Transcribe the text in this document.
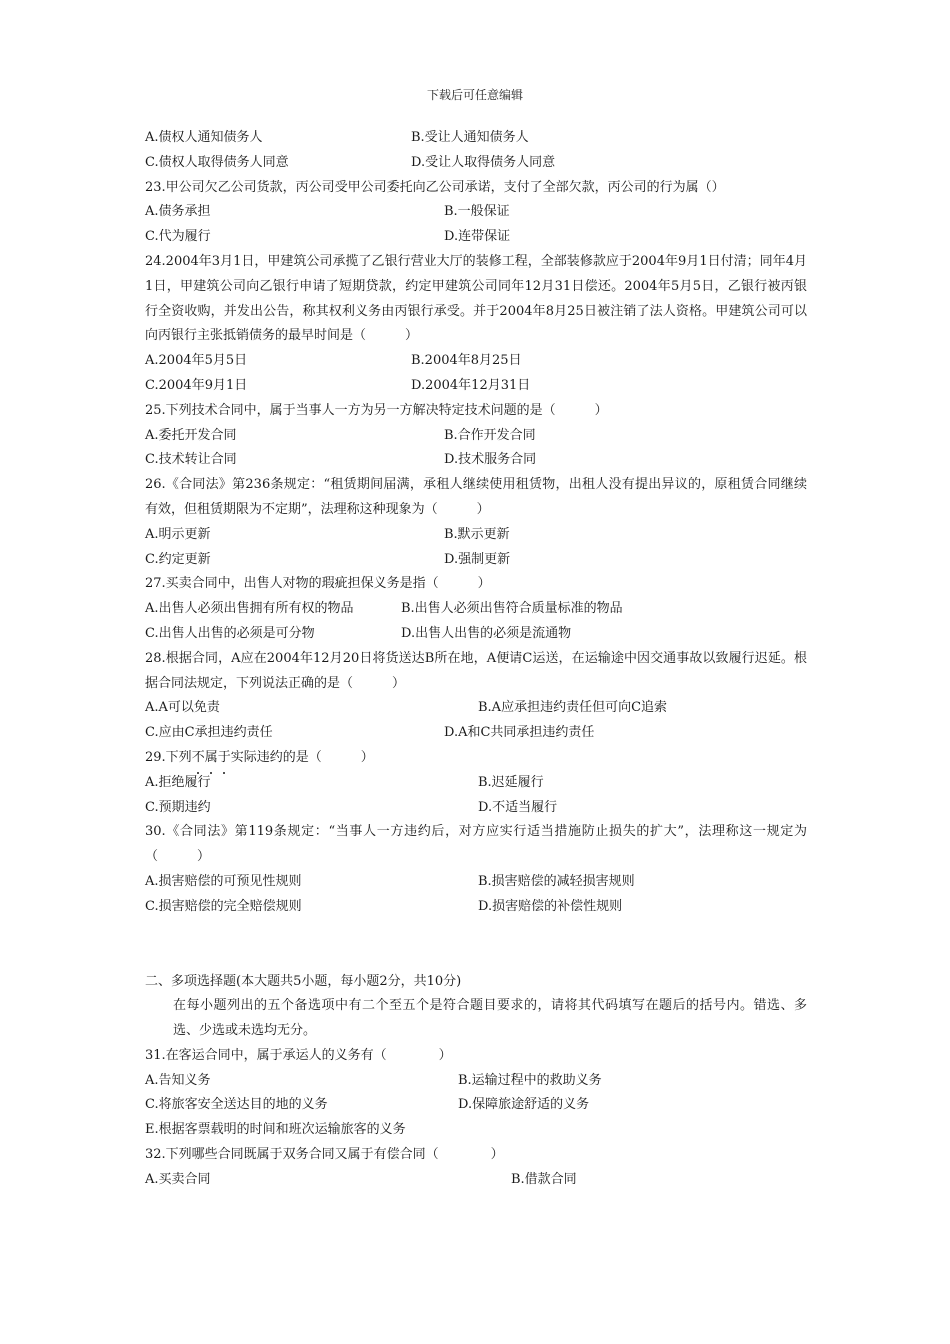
下载后可任意编辑
A.债权人通知债务人	B.受让人通知债务人
C.债权人取得债务人同意	D.受让人取得债务人同意
23.甲公司欠乙公司货款，丙公司受甲公司委托向乙公司承诺，支付了全部欠款，丙公司的行为属（）
A.债务承担	B.一般保证
C.代为履行	D.连带保证
24.2004年3月1日，甲建筑公司承揽了乙银行营业大厅的装修工程，全部装修款应于2004年9月1日付清；同年4月1日，甲建筑公司向乙银行申请了短期贷款，约定甲建筑公司同年12月31日偿还。2004年5月5日，乙银行被丙银行全资收购，并发出公告，称其权利义务由丙银行承受。并于2004年8月25日被注销了法人资格。甲建筑公司可以向丙银行主张抵销债务的最早时间是（　　　）
A.2004年5月5日	B.2004年8月25日
C.2004年9月1日	D.2004年12月31日
25.下列技术合同中，属于当事人一方为另一方解决特定技术问题的是（　　　）
A.委托开发合同	B.合作开发合同
C.技术转让合同	D.技术服务合同
26.《合同法》第236条规定：“租赁期间届满，承租人继续使用租赁物，出租人没有提出异议的，原租赁合同继续有效，但租赁期限为不定期”，法理称这种现象为（　　　）
A.明示更新	B.默示更新
C.约定更新	D.强制更新
27.买卖合同中，出售人对物的瑕疵担保义务是指（　　　）
A.出售人必须出售拥有所有权的物品	B.出售人必须出售符合质量标准的物品
C.出售人出售的必须是可分物	D.出售人出售的必须是流通物
28.根据合同，A应在2004年12月20日将货送达B所在地，A便请C运送，在运输途中因交通事故以致履行迟延。根据合同法规定，下列说法正确的是（　　　）
A.A可以免责	B.A应承担违约责任但可向C追索
C.应由C承担违约责任	D.A和C共同承担违约责任
29.下列不属于实际违约的是（　　　）
A.拒绝履行	B.迟延履行
C.预期违约	D.不适当履行
30.《合同法》第119条规定：“当事人一方违约后，对方应实行适当措施防止损失的扩大”，法理称这一规定为（　　　）
A.损害赔偿的可预见性规则	B.损害赔偿的减轻损害规则
C.损害赔偿的完全赔偿规则	D.损害赔偿的补偿性规则
二、多项选择题(本大题共5小题，每小题2分，共10分)
在每小题列出的五个备选项中有二个至五个是符合题目要求的，请将其代码填写在题后的括号内。错选、多选、少选或未选均无分。
31.在客运合同中，属于承运人的义务有（　　　　）
A.告知义务	B.运输过程中的救助义务
C.将旅客安全送达目的地的义务	D.保障旅途舒适的义务
E.根据客票载明的时间和班次运输旅客的义务
32.下列哪些合同既属于双务合同又属于有偿合同（　　　　）
A.买卖合同	B.借款合同
